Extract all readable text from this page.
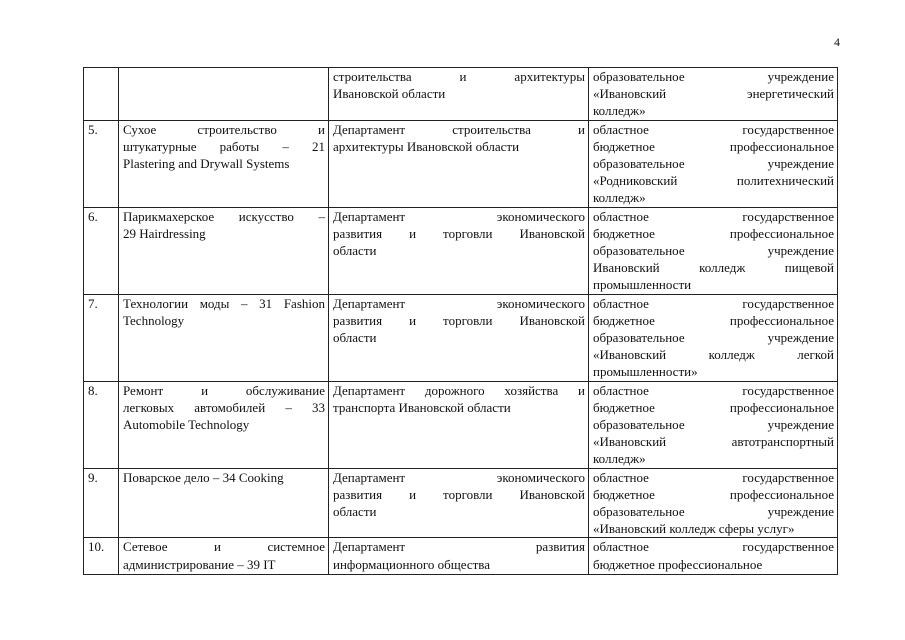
4

		строительства и архитектуры
Ивановской области	образовательное учреждение
«Ивановский энергетический
колледж»

5.	Сухое строительство и
штукатурные работы – 21
Plastering and Drywall Systems	Департамент строительства и
архитектуры Ивановской области	областное государственное
бюджетное профессиональное
образовательное учреждение
«Родниковский политехнический
колледж»

6.	Парикмахерское искусство –
29 Hairdressing	Департамент экономического
развития и торговли Ивановской
области	областное государственное
бюджетное профессиональное
образовательное учреждение
Ивановский колледж пищевой
промышленности

7.	Технологии моды – 31 Fashion
Technology	Департамент экономического
развития и торговли Ивановской
области	областное государственное
бюджетное профессиональное
образовательное учреждение
«Ивановский колледж легкой
промышленности»

8.	Ремонт и обслуживание
легковых автомобилей – 33
Automobile Technology	Департамент дорожного хозяйства и
транспорта Ивановской области	областное государственное
бюджетное профессиональное
образовательное учреждение
«Ивановский автотранспортный
колледж»

9.	Поварское дело – 34 Cooking	Департамент экономического
развития и торговли Ивановской
области	областное государственное
бюджетное профессиональное
образовательное учреждение
«Ивановский колледж сферы услуг»

10.	Сетевое и системное
администрирование – 39 IT	Департамент развития
информационного общества	областное государственное
бюджетное профессиональное
